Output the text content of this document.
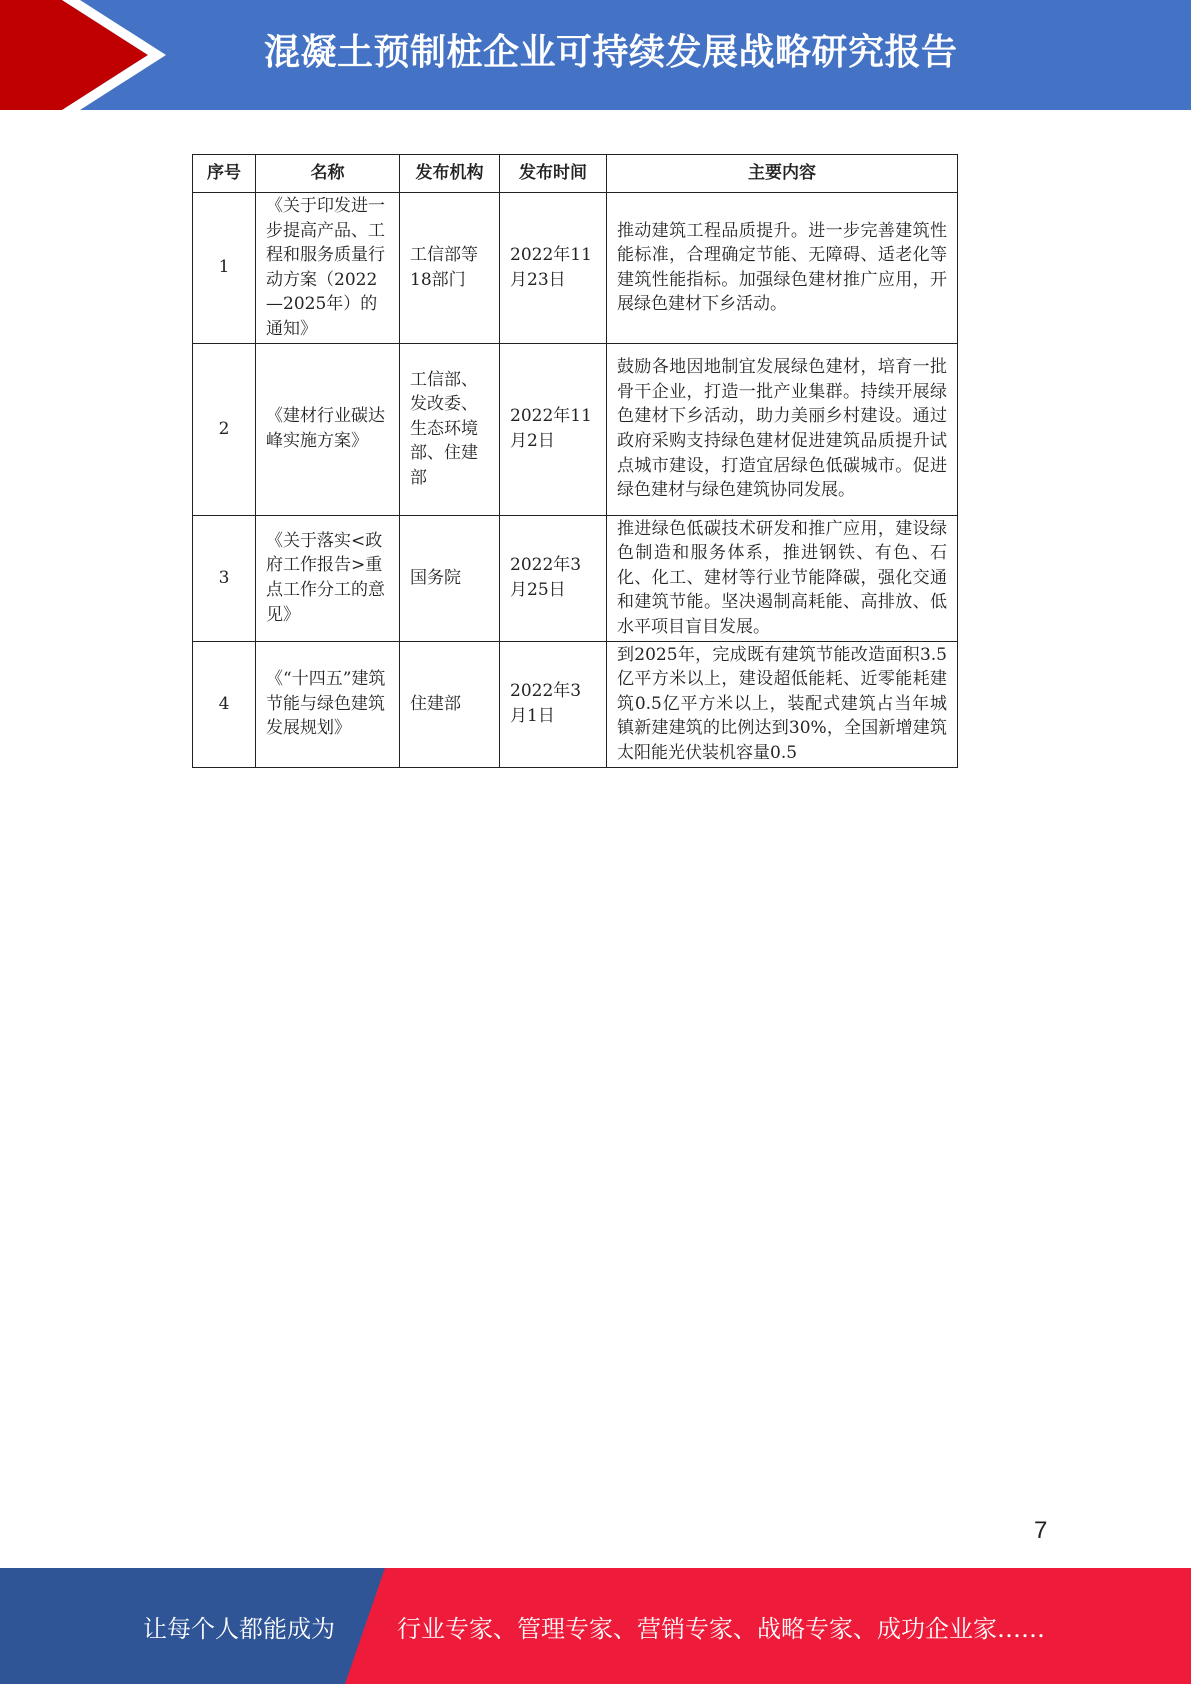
混凝土预制桩企业可持续发展战略研究报告
序号	名称	发布机构	发布时间	主要内容
1	《关于印发进一步提高产品、工程和服务质量行动方案（2022—2025年）的通知》	工信部等18部门	2022年11月23日	推动建筑工程品质提升。进一步完善建筑性能标准，合理确定节能、无障碍、适老化等建筑性能指标。加强绿色建材推广应用，开展绿色建材下乡活动。
2	《建材行业碳达峰实施方案》	工信部、发改委、生态环境部、住建部	2022年11月2日	鼓励各地因地制宜发展绿色建材，培育一批骨干企业，打造一批产业集群。持续开展绿色建材下乡活动，助力美丽乡村建设。通过政府采购支持绿色建材促进建筑品质提升试点城市建设，打造宜居绿色低碳城市。促进绿色建材与绿色建筑协同发展。
3	《关于落实<政府工作报告>重点工作分工的意见》	国务院	2022年3月25日	推进绿色低碳技术研发和推广应用，建设绿色制造和服务体系，推进钢铁、有色、石化、化工、建材等行业节能降碳，强化交通和建筑节能。坚决遏制高耗能、高排放、低水平项目盲目发展。
4	《“十四五”建筑节能与绿色建筑发展规划》	住建部	2022年3月1日	到2025年，完成既有建筑节能改造面积3.5亿平方米以上，建设超低能耗、近零能耗建筑0.5亿平方米以上，装配式建筑占当年城镇新建建筑的比例达到30%，全国新增建筑太阳能光伏装机容量0.5
7
让每个人都能成为	行业专家、管理专家、营销专家、战略专家、成功企业家……
